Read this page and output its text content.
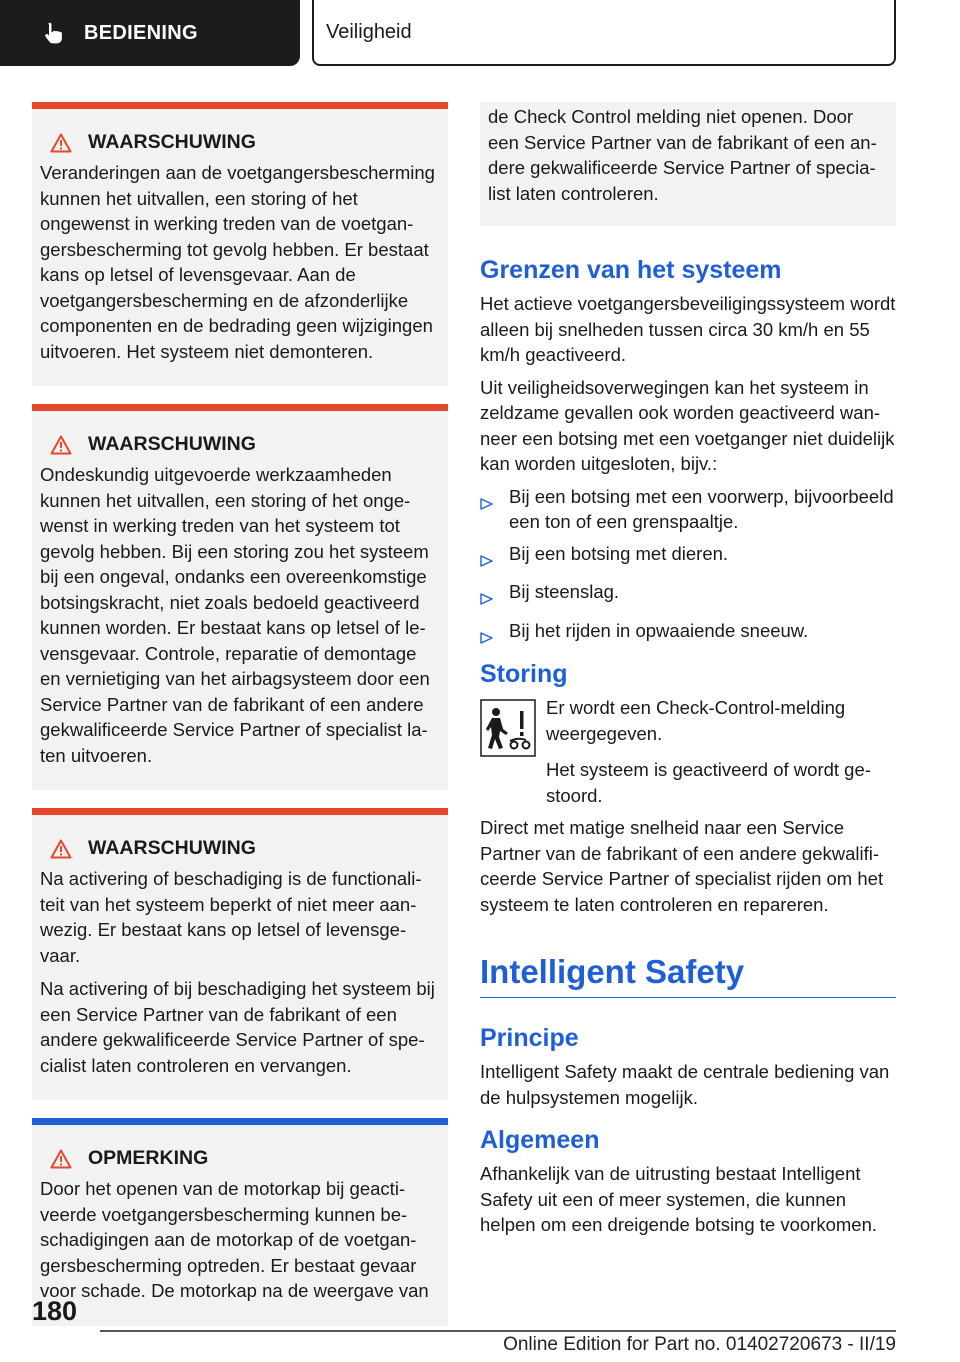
BEDIENING	Veiligheid
WAARSCHUWING

Veranderingen aan de voetgangersbescherming kunnen het uitvallen, een storing of het ongewenst in werking treden van de voetgangersbescherming tot gevolg hebben. Er bestaat kans op letsel of levensgevaar. Aan de voetgangersbescherming en de afzonderlijke componenten en de bedrading geen wijzigingen uitvoeren. Het systeem niet demonteren.

WAARSCHUWING

Ondeskundig uitgevoerde werkzaamheden kunnen het uitvallen, een storing of het ongewenst in werking treden van het systeem tot gevolg hebben. Bij een storing zou het systeem bij een ongeval, ondanks een overeenkomstige botsingskracht, niet zoals bedoeld geactiveerd kunnen worden. Er bestaat kans op letsel of levensgevaar. Controle, reparatie of demontage en vernietiging van het airbagsysteem door een Service Partner van de fabrikant of een andere gekwalificeerde Service Partner of specialist laten uitvoeren.

WAARSCHUWING

Na activering of beschadiging is de functionaliteit van het systeem beperkt of niet meer aanwezig. Er bestaat kans op letsel of levensgevaar.

Na activering of bij beschadiging het systeem bij een Service Partner van de fabrikant of een andere gekwalificeerde Service Partner of specialist laten controleren en vervangen.

OPMERKING

Door het openen van de motorkap bij geactiveerde voetgangersbescherming kunnen beschadigingen aan de motorkap of de voetgangersbescherming optreden. Er bestaat gevaar voor schade. De motorkap na de weergave van

de Check Control melding niet openen. Door een Service Partner van de fabrikant of een andere gekwalificeerde Service Partner of specialist laten controleren.

Grenzen van het systeem

Het actieve voetgangersbeveiligingssysteem wordt alleen bij snelheden tussen circa 30 km/h en 55 km/h geactiveerd.

Uit veiligheidsoverwegingen kan het systeem in zeldzame gevallen ook worden geactiveerd wanneer een botsing met een voetganger niet duidelijk kan worden uitgesloten, bijv.:

Bij een botsing met een voorwerp, bijvoorbeeld een ton of een grenspaaltje.
Bij een botsing met dieren.
Bij steenslag.
Bij het rijden in opwaaiende sneeuw.
Storing

Er wordt een Check-Control-melding weergegeven.

Het systeem is geactiveerd of wordt gestoord.

Direct met matige snelheid naar een Service Partner van de fabrikant of een andere gekwalificeerde Service Partner of specialist rijden om het systeem te laten controleren en repareren.

Intelligent Safety
Principe

Intelligent Safety maakt de centrale bediening van de hulpsystemen mogelijk.

Algemeen

Afhankelijk van de uitrusting bestaat Intelligent Safety uit een of meer systemen, die kunnen helpen om een dreigende botsing te voorkomen.

180
Online Edition for Part no. 01402720673 - II/19
